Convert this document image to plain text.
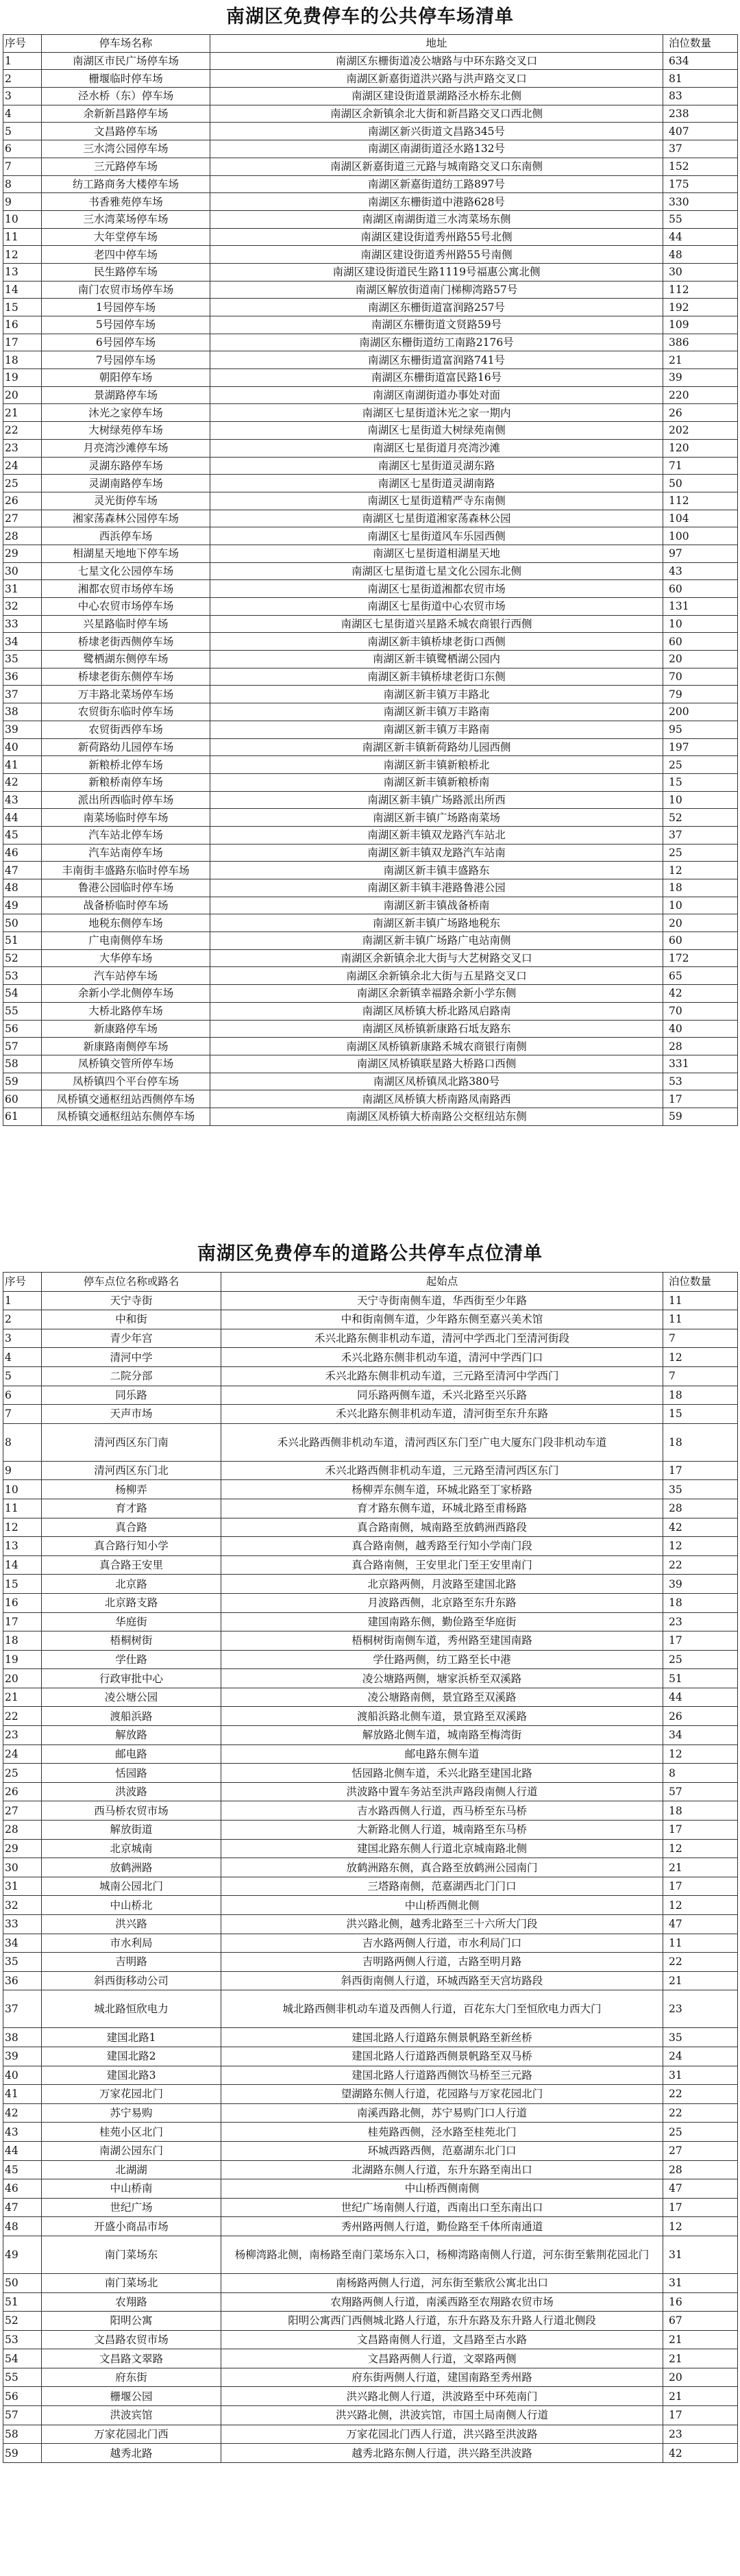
南湖区免费停车的公共停车场清单
序号	停车场名称	地址	泊位数量
1	南湖区市民广场停车场	南湖区东栅街道凌公塘路与中环东路交叉口	634
2	栅堰临时停车场	南湖区新嘉街道洪兴路与洪声路交叉口	81
3	泾水桥（东）停车场	南湖区建设街道景湖路泾水桥东北侧	83
4	余新新昌路停车场	南湖区余新镇余北大街和新昌路交叉口西北侧	238
5	文昌路停车场	南湖区新兴街道文昌路345号	407
6	三水湾公园停车场	南湖区南湖街道泾水路132号	37
7	三元路停车场	南湖区新嘉街道三元路与城南路交叉口东南侧	152
8	纺工路商务大楼停车场	南湖区新嘉街道纺工路897号	175
9	书香雅苑停车场	南湖区东栅街道中港路628号	330
10	三水湾菜场停车场	南湖区南湖街道三水湾菜场东侧	55
11	大年堂停车场	南湖区建设街道秀州路55号北侧	44
12	老四中停车场	南湖区建设街道秀州路55号南侧	48
13	民生路停车场	南湖区建设街道民生路1119号福惠公寓北侧	30
14	南门农贸市场停车场	南湖区解放街道南门梯柳湾路57号	112
15	1号园停车场	南湖区东栅街道富润路257号	192
16	5号园停车场	南湖区东栅街道文贤路59号	109
17	6号园停车场	南湖区东栅街道纺工南路2176号	386
18	7号园停车场	南湖区东栅街道富润路741号	21
19	朝阳停车场	南湖区东栅街道富民路16号	39
20	景湖路停车场	南湖区南湖街道办事处对面	220
21	沐光之家停车场	南湖区七星街道沐光之家一期内	26
22	大树绿苑停车场	南湖区七星街道大树绿苑南侧	202
23	月亮湾沙滩停车场	南湖区七星街道月亮湾沙滩	120
24	灵湖东路停车场	南湖区七星街道灵湖东路	71
25	灵湖南路停车场	南湖区七星街道灵湖南路	50
26	灵光街停车场	南湖区七星街道精严寺东南侧	112
27	湘家荡森林公园停车场	南湖区七星街道湘家荡森林公园	104
28	西浜停车场	南湖区七星街道风车乐园西侧	100
29	相湖星天地地下停车场	南湖区七星街道相湖星天地	97
30	七星文化公园停车场	南湖区七星街道七星文化公园东北侧	43
31	湘都农贸市场停车场	南湖区七星街道湘都农贸市场	60
32	中心农贸市场停车场	南湖区七星街道中心农贸市场	131
33	兴星路临时停车场	南湖区七星街道兴星路禾城农商银行西侧	10
34	桥埭老街西侧停车场	南湖区新丰镇桥埭老街口西侧	60
35	鹭栖湖东侧停车场	南湖区新丰镇鹭栖湖公园内	20
36	桥埭老街东侧停车场	南湖区新丰镇桥埭老街口东侧	70
37	万丰路北菜场停车场	南湖区新丰镇万丰路北	79
38	农贸街东临时停车场	南湖区新丰镇万丰路南	200
39	农贸街西停车场	南湖区新丰镇万丰路南	95
40	新荷路幼儿园停车场	南湖区新丰镇新荷路幼儿园西侧	197
41	新粮桥北停车场	南湖区新丰镇新粮桥北	25
42	新粮桥南停车场	南湖区新丰镇新粮桥南	15
43	派出所西临时停车场	南湖区新丰镇广场路派出所西	10
44	南菜场临时停车场	南湖区新丰镇广场路南菜场	52
45	汽车站北停车场	南湖区新丰镇双龙路汽车站北	37
46	汽车站南停车场	南湖区新丰镇双龙路汽车站南	25
47	丰南街丰盛路东临时停车场	南湖区新丰镇丰盛路东	12
48	鲁港公园临时停车场	南湖区新丰镇丰港路鲁港公园	18
49	战备桥临时停车场	南湖区新丰镇战备桥南	10
50	地税东侧停车场	南湖区新丰镇广场路地税东	20
51	广电南侧停车场	南湖区新丰镇广场路广电站南侧	60
52	大华停车场	南湖区余新镇余北大街与大艺树路交叉口	172
53	汽车站停车场	南湖区余新镇余北大街与五星路交叉口	65
54	余新小学北侧停车场	南湖区余新镇幸福路余新小学东侧	42
55	大桥北路停车场	南湖区凤桥镇大桥北路凤启路南	70
56	新康路停车场	南湖区凤桥镇新康路石坻友路东	40
57	新康路南侧停车场	南湖区凤桥镇新康路禾城农商银行南侧	28
58	凤桥镇交管所停车场	南湖区凤桥镇联星路大桥路口西侧	331
59	凤桥镇四个平台停车场	南湖区凤桥镇凤北路380号	53
60	凤桥镇交通枢纽站西侧停车场	南湖区凤桥镇大桥南路凤南路西	17
61	凤桥镇交通枢纽站东侧停车场	南湖区凤桥镇大桥南路公交枢纽站东侧	59
南湖区免费停车的道路公共停车点位清单
序号	停车点位名称或路名	起始点	泊位数量
1	天宁寺街	天宁寺街南侧车道，华西街至少年路	11
2	中和街	中和街南侧车道，少年路东侧至嘉兴美术馆	11
3	青少年宫	禾兴北路东侧非机动车道，清河中学西北门至清河街段	7
4	清河中学	禾兴北路东侧非机动车道，清河中学西门口	12
5	二院分部	禾兴北路东侧非机动车道，三元路至清河中学西门	7
6	同乐路	同乐路两侧车道，禾兴北路至兴乐路	18
7	天声市场	禾兴北路东侧非机动车道，清河街至东升东路	15
8	清河西区东门南	禾兴北路西侧非机动车道，清河西区东门至广电大厦东门段非机动车道	18
9	清河西区东门北	禾兴北路西侧非机动车道，三元路至清河西区东门	17
10	杨柳弄	杨柳弄东侧车道，环城北路至丁家桥路	35
11	育才路	育才路东侧车道，环城北路至甫杨路	28
12	真合路	真合路南侧，城南路至放鹤洲西路段	42
13	真合路行知小学	真合路南侧，越秀路至行知小学南门段	12
14	真合路王安里	真合路南侧，王安里北门至王安里南门	22
15	北京路	北京路两侧，月波路至建国北路	39
16	北京路支路	月波路西侧，北京路至东升东路	18
17	华庭街	建国南路东侧，勤俭路至华庭街	23
18	梧桐树街	梧桐树街南侧车道，秀州路至建国南路	17
19	学仕路	学仕路两侧，纺工路至长中港	25
20	行政审批中心	凌公塘路两侧，塘家浜桥至双溪路	51
21	凌公塘公园	凌公塘路南侧，景宜路至双溪路	44
22	渡船浜路	渡船浜路北侧车道，景宜路至双溪路	26
23	解放路	解放路北侧车道，城南路至梅湾街	34
24	邮电路	邮电路东侧车道	12
25	恬园路	恬园路北侧车道，禾兴北路至建国北路	8
26	洪波路	洪波路中置车务站至洪声路段南侧人行道	57
27	西马桥农贸市场	吉水路西侧人行道，西马桥至东马桥	18
28	解放街道	大新路北侧人行道，城南路至东马桥	17
29	北京城南	建国北路东侧人行道北京城南路北侧	12
30	放鹤洲路	放鹤洲路东侧，真合路至放鹤洲公园南门	21
31	城南公园北门	三塔路南侧，范嘉湖西北门门口	17
32	中山桥北	中山桥西侧北侧	12
33	洪兴路	洪兴路北侧，越秀北路至三十六所大门段	47
34	市水利局	吉水路两侧人行道，市水利局门口	11
35	吉明路	吉明路两侧人行道，古路至明月路	22
36	斜西街移动公司	斜西街南侧人行道，环城西路至天宫坊路段	21
37	城北路恒欣电力	城北路西侧非机动车道及西侧人行道，百花东大门至恒欣电力西大门	23
38	建国北路1	建国北路人行道路东侧景帆路至新丝桥	35
39	建国北路2	建国北路人行道路西侧景帆路至双马桥	24
40	建国北路3	建国北路人行道路西侧饮马桥至三元路	31
41	万家花园北门	望湖路东侧人行道，花园路与万家花园北门	22
42	苏宁易购	南溪西路北侧，苏宁易购门口人行道	22
43	桂苑小区北门	桂苑路西侧，泾水路至桂苑北门	25
44	南湖公园东门	环城西路西侧，范嘉湖东北门口	27
45	北湖湖	北湖路东侧人行道，东升东路至南出口	28
46	中山桥南	中山桥西侧南侧	47
47	世纪广场	世纪广场南侧人行道，西南出口至东南出口	17
48	开盛小商品市场	秀州路两侧人行道，勤俭路至千体所南通道	12
49	南门菜场东	杨柳湾路北侧，南杨路至南门菜场东入口，杨柳湾路南侧人行道，河东街至紫荆花园北门	31
50	南门菜场北	南杨路两侧人行道，河东街至紫欣公寓北出口	31
51	农翔路	农翔路两侧人行道，南溪西路至农翔路农贸市场	16
52	阳明公寓	阳明公寓西门西侧城北路人行道，东升东路及东升路人行道北侧段	67
53	文昌路农贸市场	文昌路南侧人行道，文昌路至古水路	21
54	文昌路文翠路	文昌路两侧人行道，文翠路两侧	21
55	府东街	府东街两侧人行道，建国南路至秀州路	20
56	栅堰公园	洪兴路北侧人行道，洪波路至中环苑南门	21
57	洪波宾馆	洪兴路北侧，洪波宾馆，市国土局南侧人行道	17
58	万家花园北门西	万家花园北门西人行道，洪兴路至洪波路	23
59	越秀北路	越秀北路东侧人行道，洪兴路至洪波路	42
